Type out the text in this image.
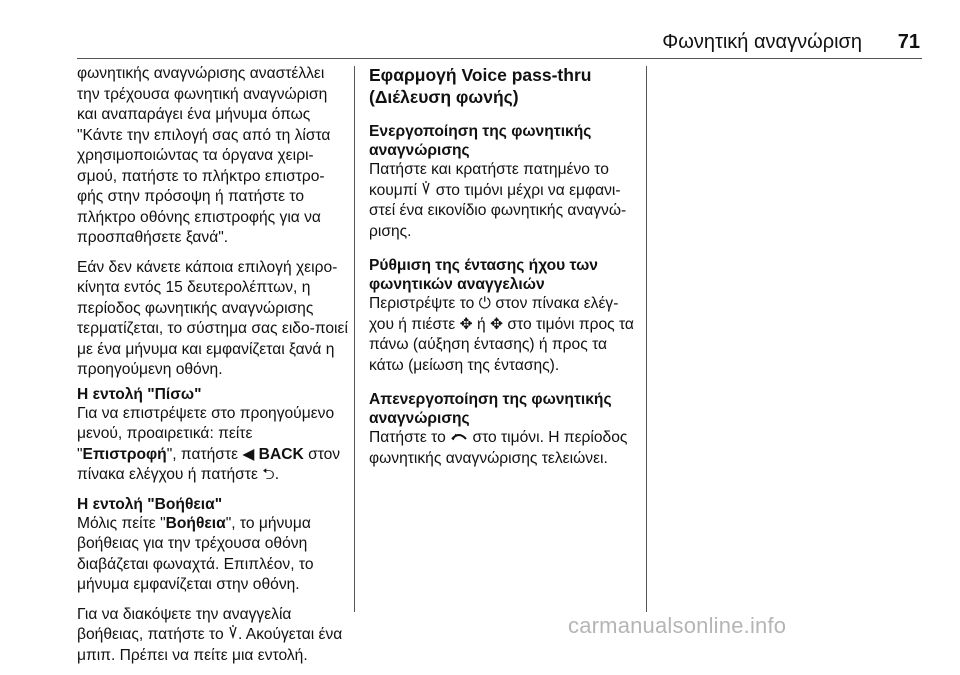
Φωνητική αναγνώριση 71

φωνητικής αναγνώρισης αναστέλλει την τρέχουσα φωνητική αναγνώριση και αναπαράγει ένα μήνυμα όπως "Κάντε την επιλογή σας από τη λίστα χρησιμοποιώντας τα όργανα χειρι-σμού, πατήστε το πλήκτρο επιστρο-φής στην πρόσοψη ή πατήστε το πλήκτρο οθόνης επιστροφής για να προσπαθήσετε ξανά".

Εάν δεν κάνετε κάποια επιλογή χειρο-κίνητα εντός 15 δευτερολέπτων, η περίοδος φωνητικής αναγνώρισης τερματίζεται, το σύστημα σας ειδο-ποιεί με ένα μήνυμα και εμφανίζεται ξανά η προηγούμενη οθόνη.

Η εντολή "Πίσω"

Για να επιστρέψετε στο προηγούμενο μενού, προαιρετικά: πείτε "Επιστροφή", πατήστε ◀ BACK στον πίνακα ελέγχου ή πατήστε ⮌.

Η εντολή "Βοήθεια"

Μόλις πείτε "Βοήθεια", το μήνυμα βοήθειας για την τρέχουσα οθόνη διαβάζεται φωναχτά. Επιπλέον, το μήνυμα εμφανίζεται στην οθόνη.

Για να διακόψετε την αναγγελία βοήθειας, πατήστε το . Ακούγεται ένα μπιπ. Πρέπει να πείτε μια εντολή.

Εφαρμογή Voice pass-thru (Διέλευση φωνής)

Ενεργοποίηση της φωνητικής αναγνώρισης

Πατήστε και κρατήστε πατημένο το κουμπί  στο τιμόνι μέχρι να εμφανι-στεί ένα εικονίδιο φωνητικής αναγνώ-ρισης.

Ρύθμιση της έντασης ήχου των φωνητικών αναγγελιών

Περιστρέψτε το ⏻ στον πίνακα ελέγ-χου ή πιέστε ✥ ή ✥ στο τιμόνι προς τα πάνω (αύξηση έντασης) ή προς τα κάτω (μείωση της έντασης).

Απενεργοποίηση της φωνητικής αναγνώρισης

Πατήστε το  στο τιμόνι. Η περίοδος φωνητικής αναγνώρισης τελειώνει.

carmanualsonline.info
